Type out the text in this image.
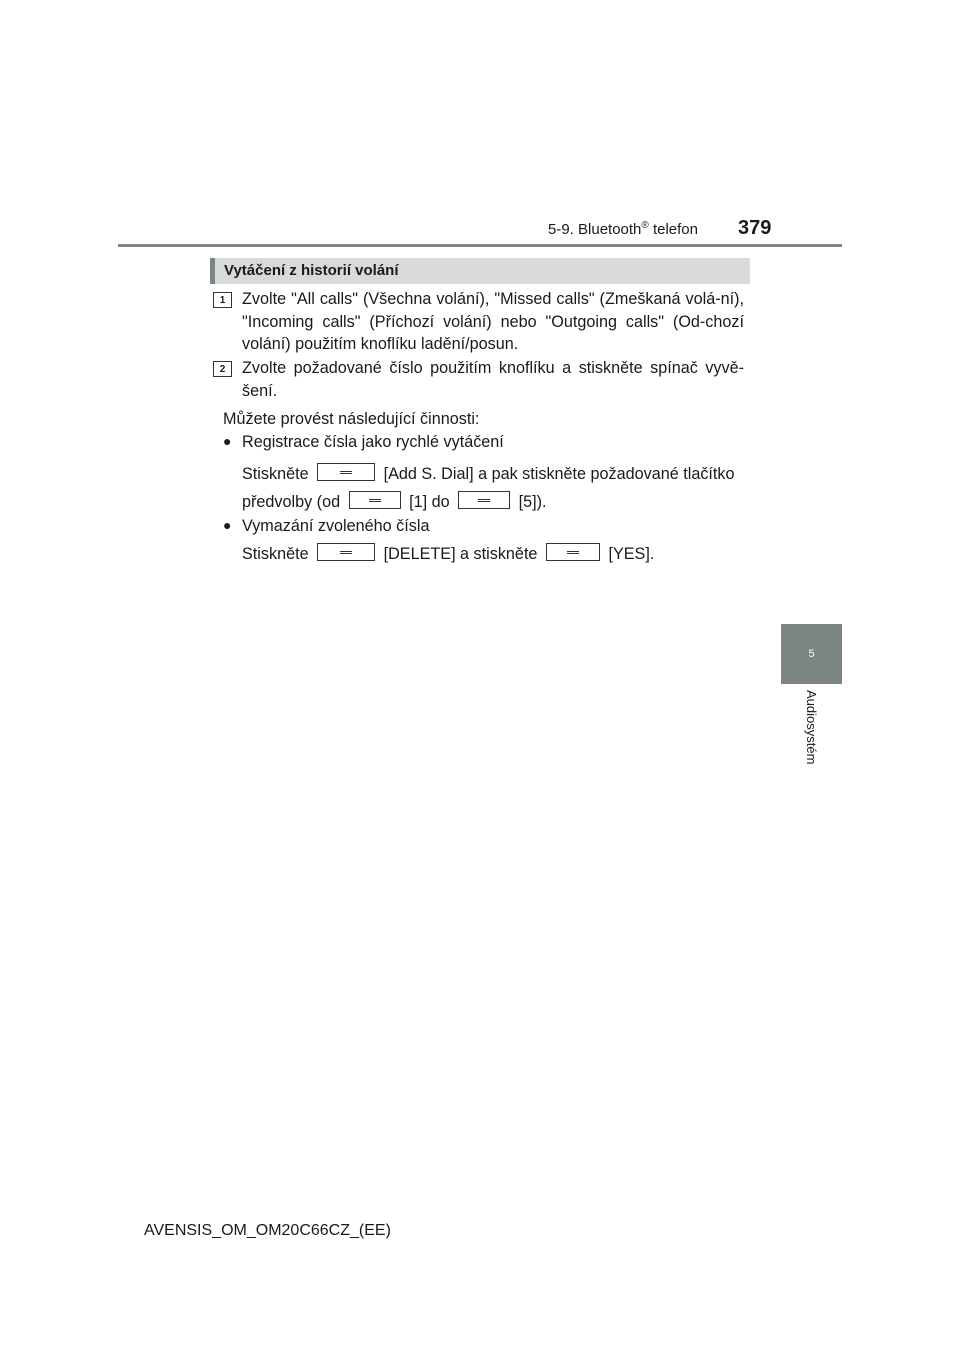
5-9. Bluetooth® telefon 379
5
Audiosystém
Vytáčení z historií volání
1	Zvolte "All calls" (Všechna volání), "Missed calls" (Zmeškaná volá-ní), "Incoming calls" (Příchozí volání) nebo "Outgoing calls" (Od-chozí volání) použitím knoflíku ladění/posun.
2	Zvolte požadované číslo použitím knoflíku a stiskněte spínač vyvě-šení.
Můžete provést následující činnosti:
● Registrace čísla jako rychlé vytáčení
Stiskněte	[Add S. Dial] a pak stiskněte požadované tlačítko
předvolby (od	[1] do	[5]).
● Vymazání zvoleného čísla
Stiskněte	[DELETE] a stiskněte	[YES].
AVENSIS_OM_OM20C66CZ_(EE)
